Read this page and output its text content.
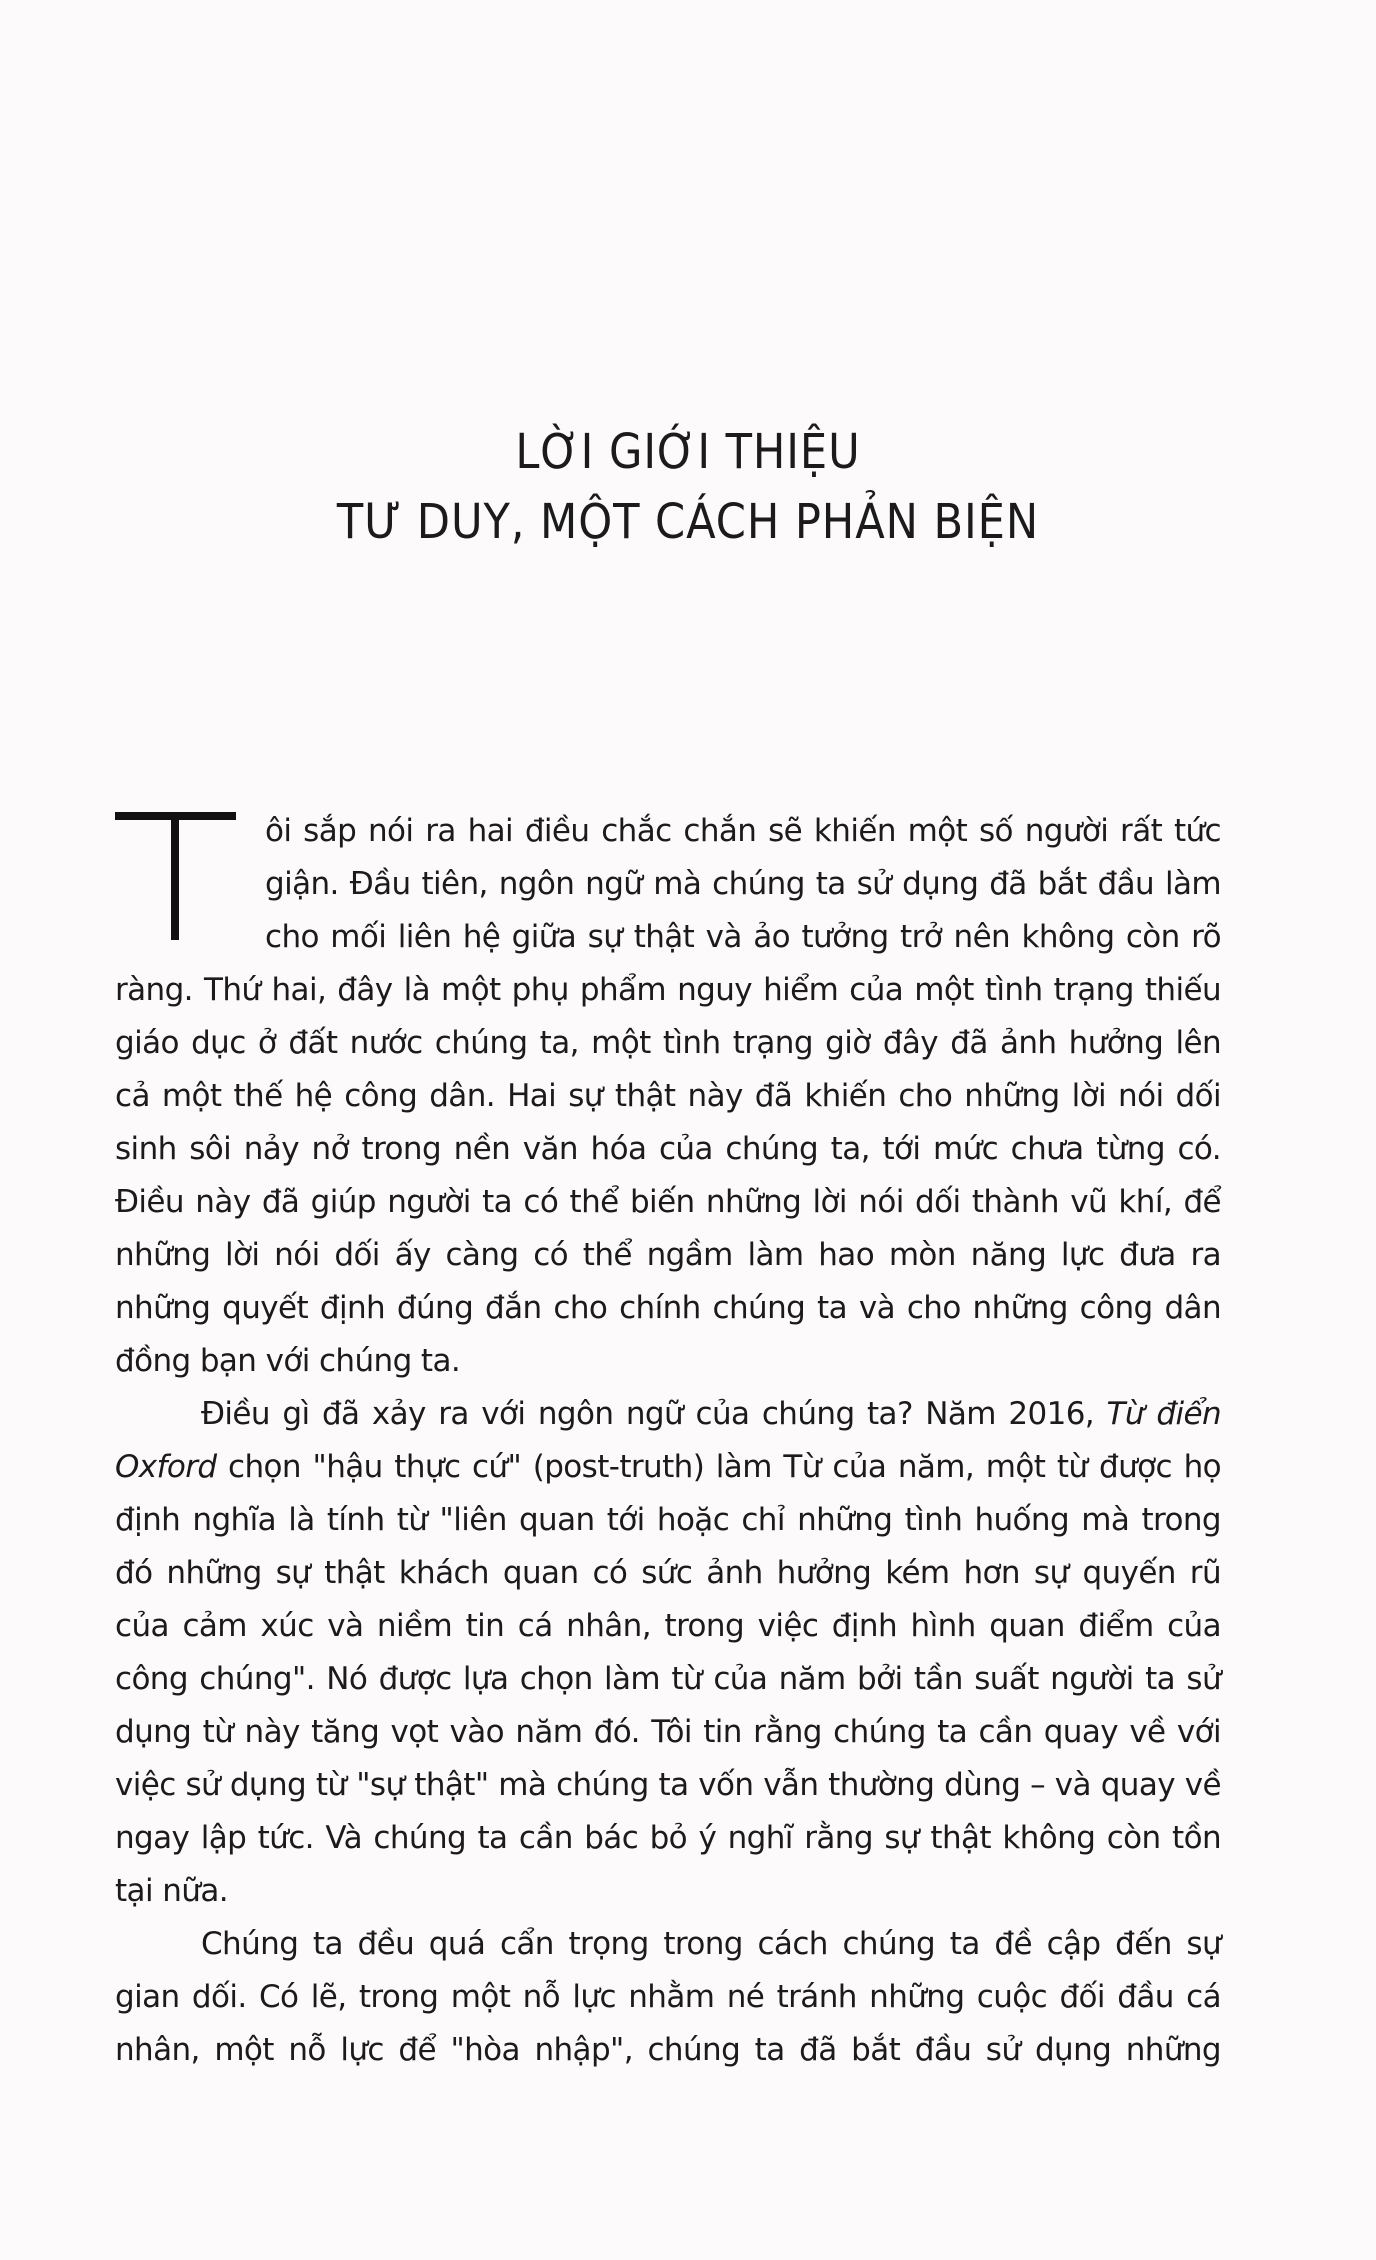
LỜI GIỚI THIỆU
TƯ DUY, MỘT CÁCH PHẢN BIỆN
ôi sắp nói ra hai điều chắc chắn sẽ khiến một số người rất tức
giận. Đầu tiên, ngôn ngữ mà chúng ta sử dụng đã bắt đầu làm
cho mối liên hệ giữa sự thật và ảo tưởng trở nên không còn rõ
ràng. Thứ hai, đây là một phụ phẩm nguy hiểm của một tình trạng thiếu
giáo dục ở đất nước chúng ta, một tình trạng giờ đây đã ảnh hưởng lên
cả một thế hệ công dân. Hai sự thật này đã khiến cho những lời nói dối
sinh sôi nảy nở trong nền văn hóa của chúng ta, tới mức chưa từng có.
Điều này đã giúp người ta có thể biến những lời nói dối thành vũ khí, để
những lời nói dối ấy càng có thể ngầm làm hao mòn năng lực đưa ra
những quyết định đúng đắn cho chính chúng ta và cho những công dân
đồng bạn với chúng ta.
Điều gì đã xảy ra với ngôn ngữ của chúng ta? Năm 2016, Từ điển
Oxford chọn "hậu thực cứ" (post-truth) làm Từ của năm, một từ được họ
định nghĩa là tính từ "liên quan tới hoặc chỉ những tình huống mà trong
đó những sự thật khách quan có sức ảnh hưởng kém hơn sự quyến rũ
của cảm xúc và niềm tin cá nhân, trong việc định hình quan điểm của
công chúng". Nó được lựa chọn làm từ của năm bởi tần suất người ta sử
dụng từ này tăng vọt vào năm đó. Tôi tin rằng chúng ta cần quay về với
việc sử dụng từ "sự thật" mà chúng ta vốn vẫn thường dùng – và quay về
ngay lập tức. Và chúng ta cần bác bỏ ý nghĩ rằng sự thật không còn tồn
tại nữa.
Chúng ta đều quá cẩn trọng trong cách chúng ta đề cập đến sự
gian dối. Có lẽ, trong một nỗ lực nhằm né tránh những cuộc đối đầu cá
nhân, một nỗ lực để "hòa nhập", chúng ta đã bắt đầu sử dụng những
